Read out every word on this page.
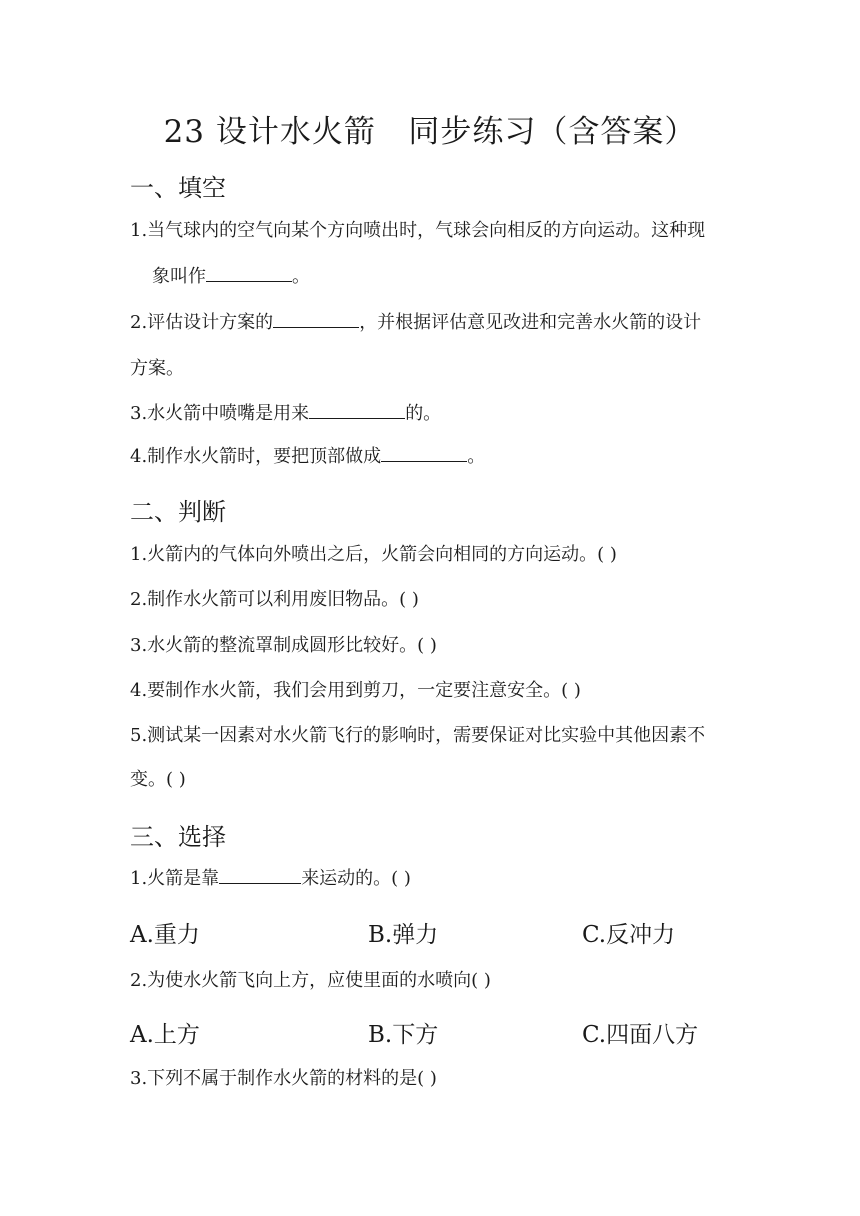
23 设计水火箭   同步练习（含答案）
一、填空
1.当气球内的空气向某个方向喷出时，气球会向相反的方向运动。这种现
象叫作	。
2.评估设计方案的	，并根据评估意见改进和完善水火箭的设计
方案。
3.水火箭中喷嘴是用来	的。
4.制作水火箭时，要把顶部做成	。
二、判断
1.火箭内的气体向外喷出之后，火箭会向相同的方向运动。( )
2.制作水火箭可以利用废旧物品。( )
3.水火箭的整流罩制成圆形比较好。( )
4.要制作水火箭，我们会用到剪刀，一定要注意安全。( )
5.测试某一因素对水火箭飞行的影响时，需要保证对比实验中其他因素不
变。( )
三、选择
1.火箭是靠	来运动的。( )
A.重力	B.弹力	C.反冲力
2.为使水火箭飞向上方，应使里面的水喷向( )
A.上方	B.下方	C.四面八方
3.下列不属于制作水火箭的材料的是( )
